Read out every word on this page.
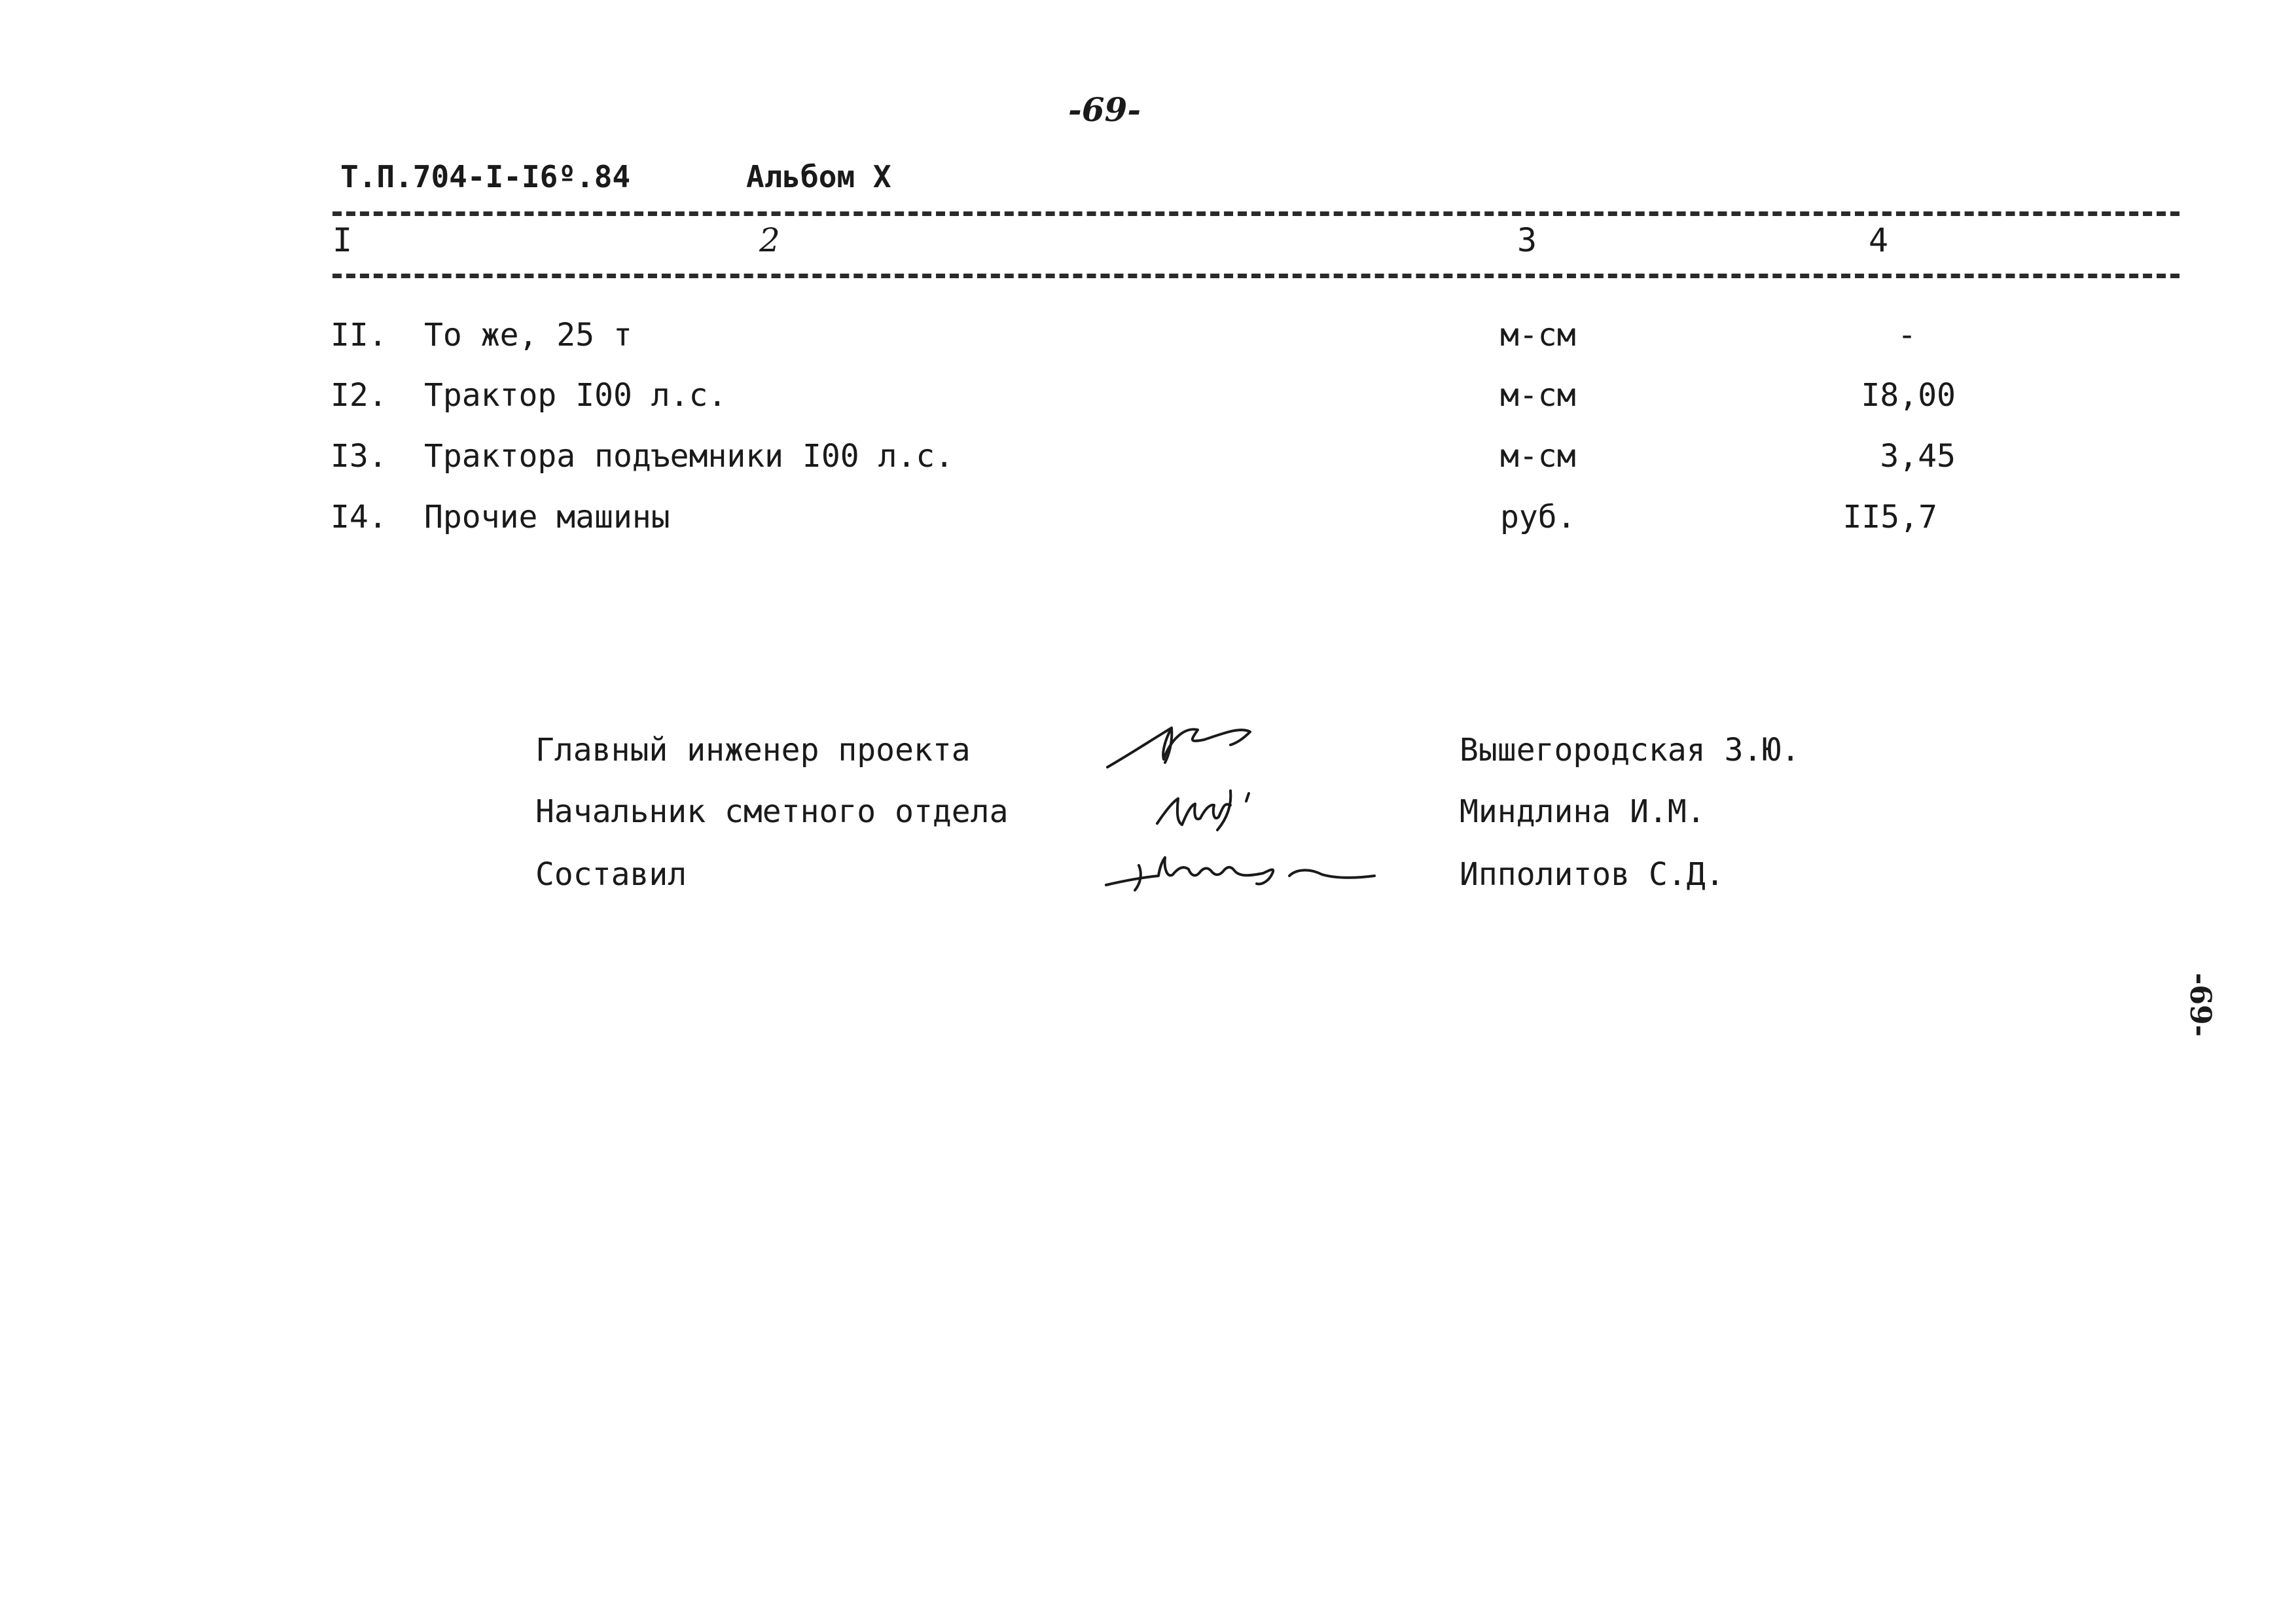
-69-
Т.П.704-I-I6º.84	Альбом X
I	2	3	4
II. То же, 25 т	м-см	-
I2. Трактор I00 л.с.	м-см	I8,00
I3. Трактора подъемники I00 л.с.	м-см	3,45
I4. Прочие машины	руб.	II5,7
Главный инженер проекта	Вышегородская З.Ю.
Начальник сметного отдела	Миндлина И.М.
Составил	Ипполитов С.Д.
-69-
